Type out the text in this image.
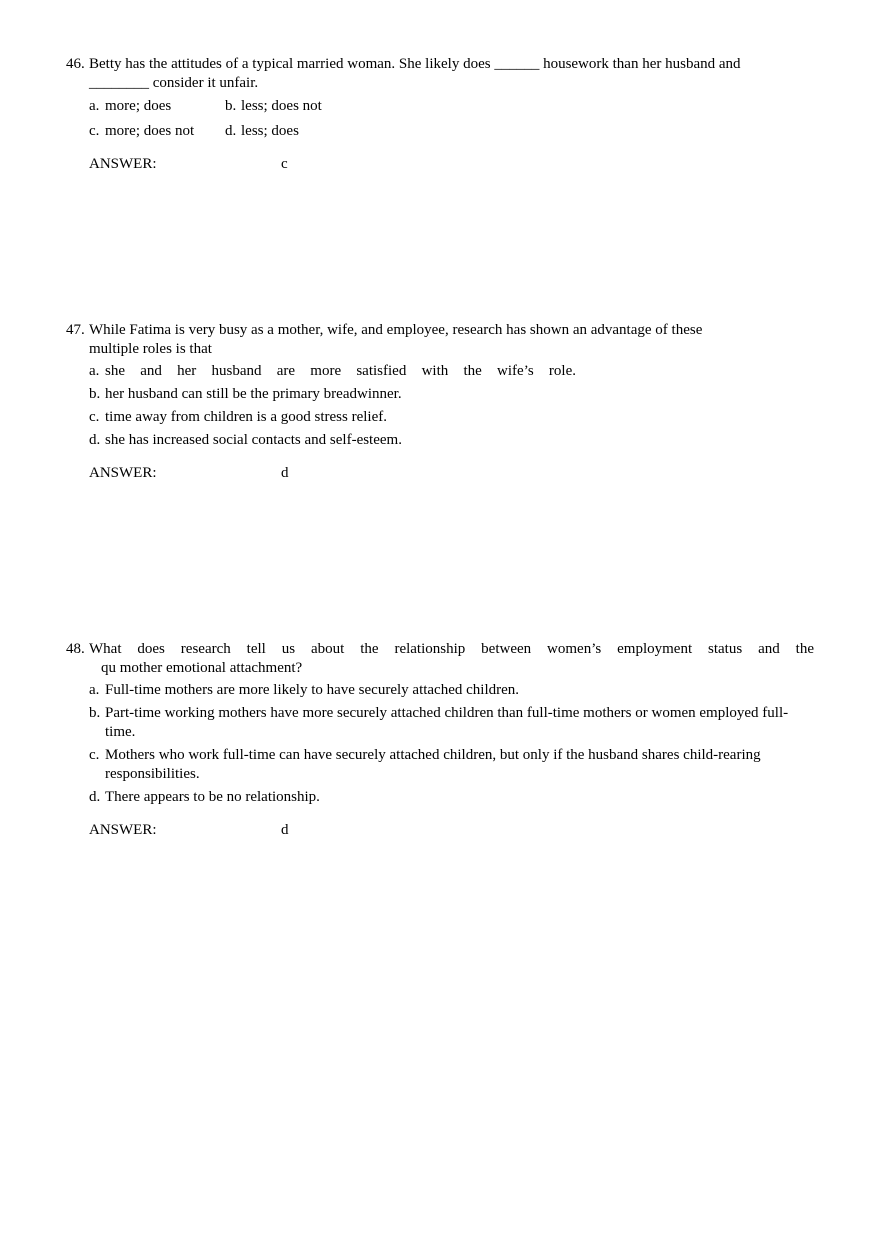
46. Betty has the attitudes of a typical married woman. She likely does ______ housework than her husband and
________ consider it unfair.
a. more; does	b. less; does not
c. more; does not d. less; does
ANSWER:	c
47. While Fatima is very busy as a mother, wife, and employee, research has shown an advantage of these
multiple roles is that
a. she and her husband are more satisfied with the wife’s role.
b. her husband can still be the primary breadwinner.
c. time away from children is a good stress relief.
d. she has increased social contacts and self-esteem.
ANSWER:	d
48. What does research tell us about the relationship between women’s employment status and the
qu mother emotional attachment?
a. Full-time mothers are more likely to have securely attached children.
b. Part-time working mothers have more securely attached children than full-time mothers or women employed full-time.
c. Mothers who work full-time can have securely attached children, but only if the husband shares child-rearing responsibilities.
d. There appears to be no relationship.
ANSWER:	d
